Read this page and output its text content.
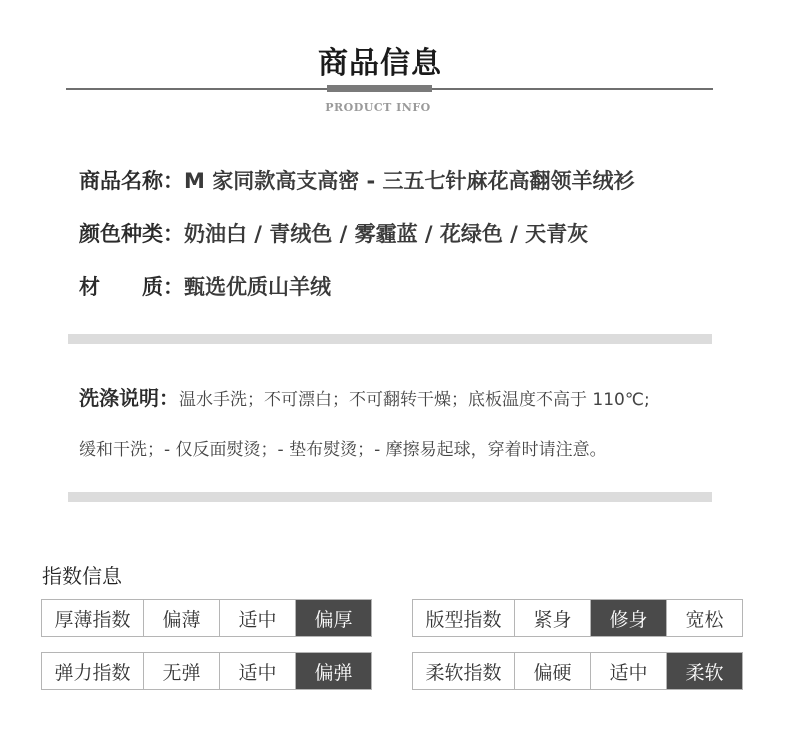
商品信息
PRODUCT INFO
商品名称：M 家同款高支高密 - 三五七针麻花高翻领羊绒衫
颜色种类：奶油白 / 青绒色 / 雾霾蓝 / 花绿色 / 天青灰
材　　质：甄选优质山羊绒
洗涤说明：温水手洗；不可漂白；不可翻转干燥；底板温度不高于 110℃;
缓和干洗；- 仅反面熨烫；- 垫布熨烫；- 摩擦易起球，穿着时请注意。
指数信息
厚薄指数	偏薄	适中	偏厚	版型指数	紧身	修身	宽松
弹力指数	无弹	适中	偏弹	柔软指数	偏硬	适中	柔软
